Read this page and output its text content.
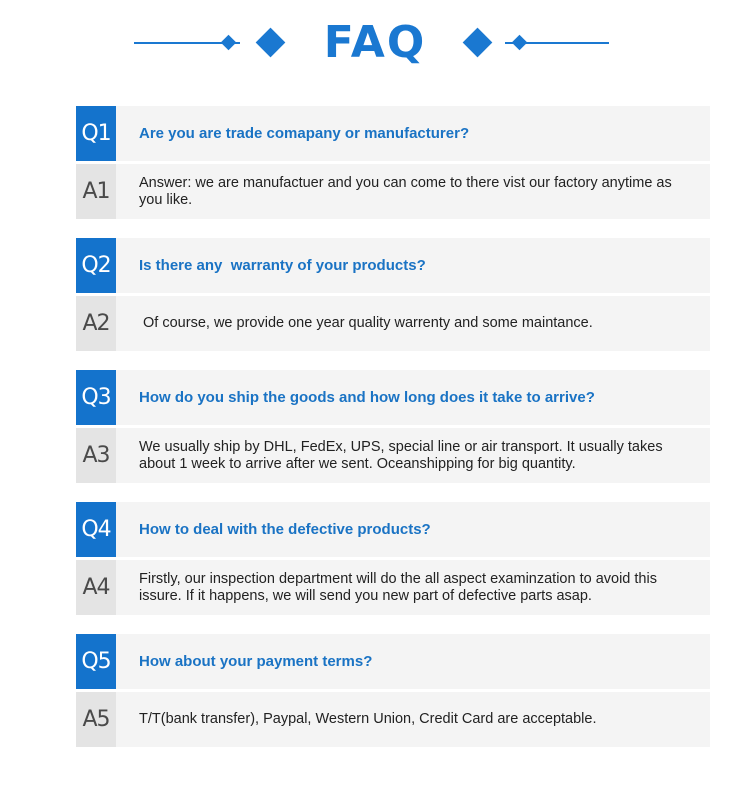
FAQ
Q1	Are you are trade comapany or manufacturer?
A1	Answer: we are manufactuer and you can come to there vist our factory anytime as you like.
Q2	Is there any  warranty of your products?
A2	Of course, we provide one year quality warrenty and some maintance.
Q3	How do you ship the goods and how long does it take to arrive?
A3	We usually ship by DHL, FedEx, UPS, special line or air transport. It usually takes about 1 week to arrive after we sent. Oceanshipping for big quantity.
Q4	How to deal with the defective products?
A4	Firstly, our inspection department will do the all aspect examinzation to avoid this issure. If it happens, we will send you new part of defective parts asap.
Q5	How about your payment terms?
A5	T/T(bank transfer), Paypal, Western Union, Credit Card are acceptable.
